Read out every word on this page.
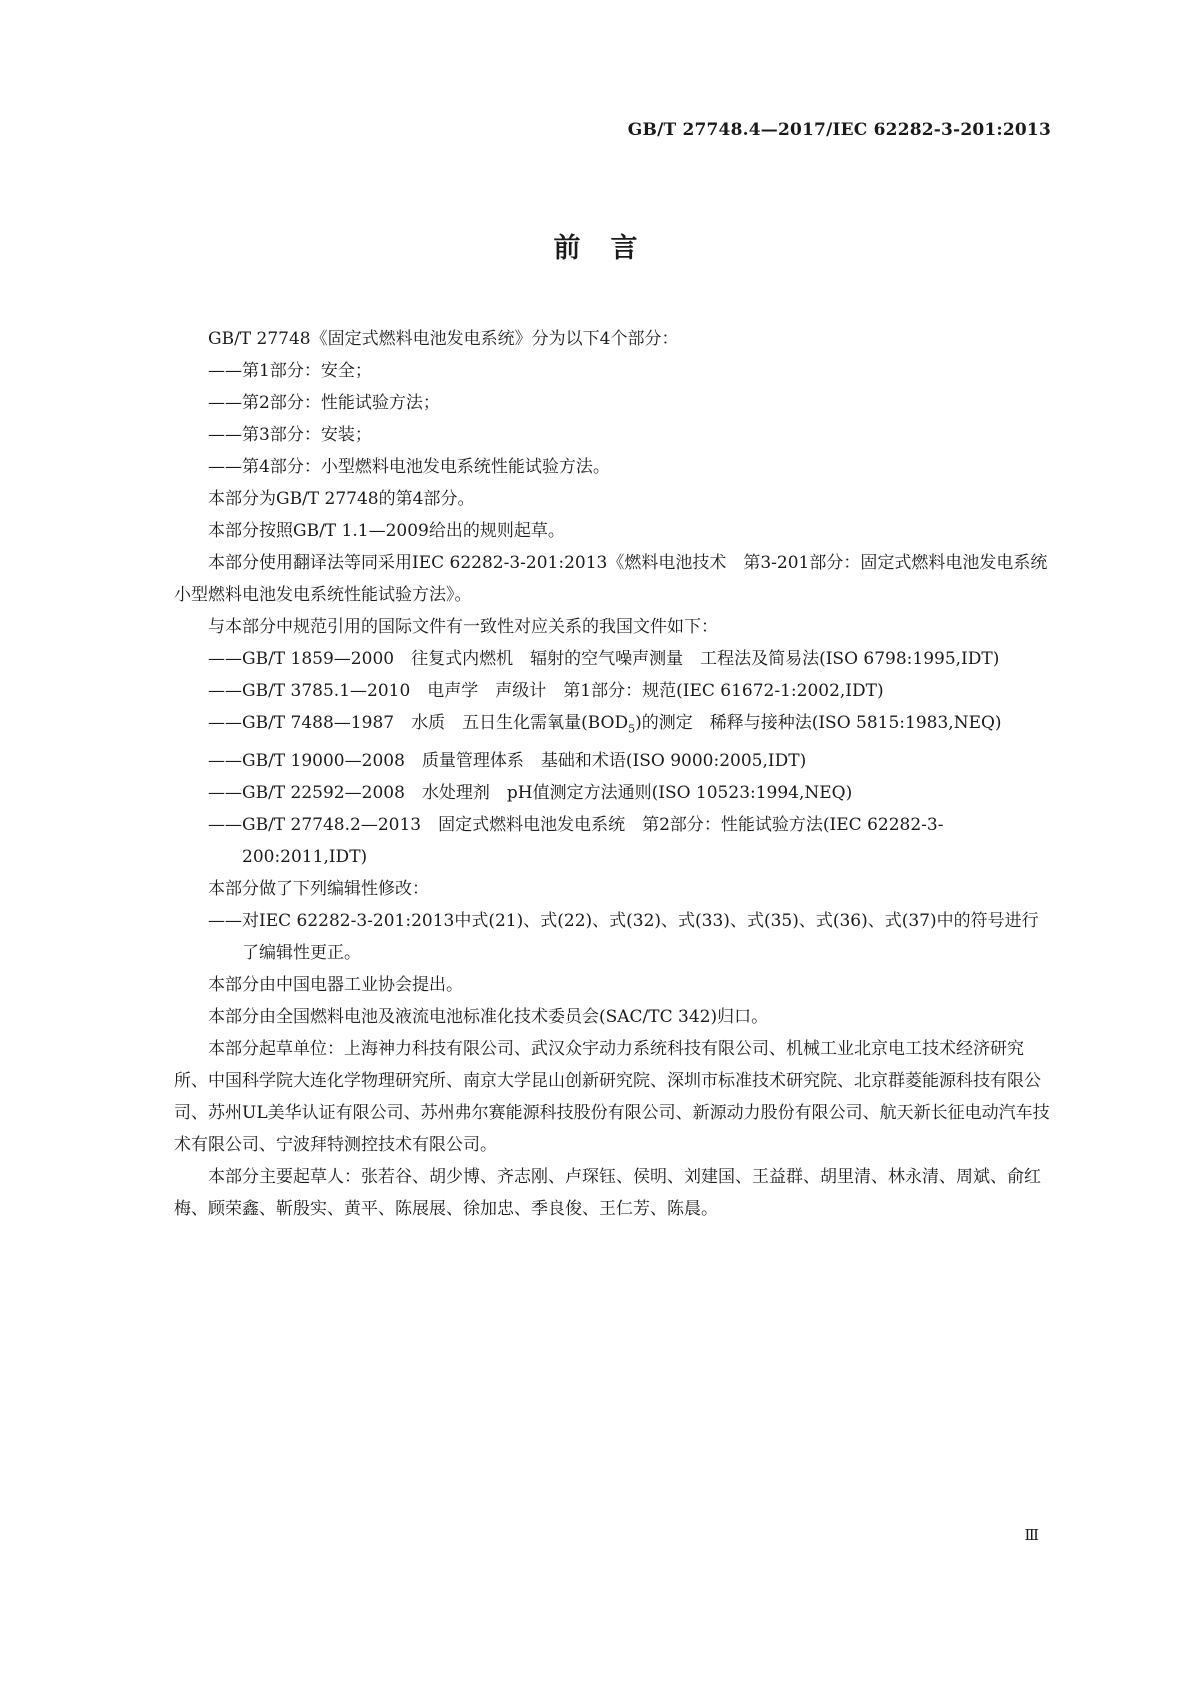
GB/T 27748.4—2017/IEC 62282-3-201:2013
前言

GB/T 27748《固定式燃料电池发电系统》分为以下4个部分：

——第1部分：安全；

——第2部分：性能试验方法；

——第3部分：安装；

——第4部分：小型燃料电池发电系统性能试验方法。

本部分为GB/T 27748的第4部分。

本部分按照GB/T 1.1—2009给出的规则起草。

本部分使用翻译法等同采用IEC 62282-3-201:2013《燃料电池技术　第3-201部分：固定式燃料电池发电系统　小型燃料电池发电系统性能试验方法》。

与本部分中规范引用的国际文件有一致性对应关系的我国文件如下：

——GB/T 1859—2000　往复式内燃机　辐射的空气噪声测量　工程法及简易法(ISO 6798:1995,IDT)

——GB/T 3785.1—2010　电声学　声级计　第1部分：规范(IEC 61672-1:2002,IDT)

——GB/T 7488—1987　水质　五日生化需氧量$(BOD_5)$的测定　稀释与接种法(ISO 5815:1983,NEQ)

——GB/T 19000—2008　质量管理体系　基础和术语(ISO 9000:2005,IDT)

——GB/T 22592—2008　水处理剂　pH值测定方法通则(ISO 10523:1994,NEQ)

——GB/T 27748.2—2013　固定式燃料电池发电系统　第2部分：性能试验方法(IEC 62282-3-200:2011,IDT)

本部分做了下列编辑性修改：

——对IEC 62282-3-201:2013中式(21)、式(22)、式(32)、式(33)、式(35)、式(36)、式(37)中的符号进行了编辑性更正。

本部分由中国电器工业协会提出。

本部分由全国燃料电池及液流电池标准化技术委员会(SAC/TC 342)归口。

本部分起草单位：上海神力科技有限公司、武汉众宇动力系统科技有限公司、机械工业北京电工技术经济研究所、中国科学院大连化学物理研究所、南京大学昆山创新研究院、深圳市标准技术研究院、北京群菱能源科技有限公司、苏州UL美华认证有限公司、苏州弗尔赛能源科技股份有限公司、新源动力股份有限公司、航天新长征电动汽车技术有限公司、宁波拜特测控技术有限公司。

本部分主要起草人：张若谷、胡少博、齐志刚、卢琛钰、侯明、刘建国、王益群、胡里清、林永清、周斌、俞红梅、顾荣鑫、靳殷实、黄平、陈展展、徐加忠、季良俊、王仁芳、陈晨。

Ⅲ
